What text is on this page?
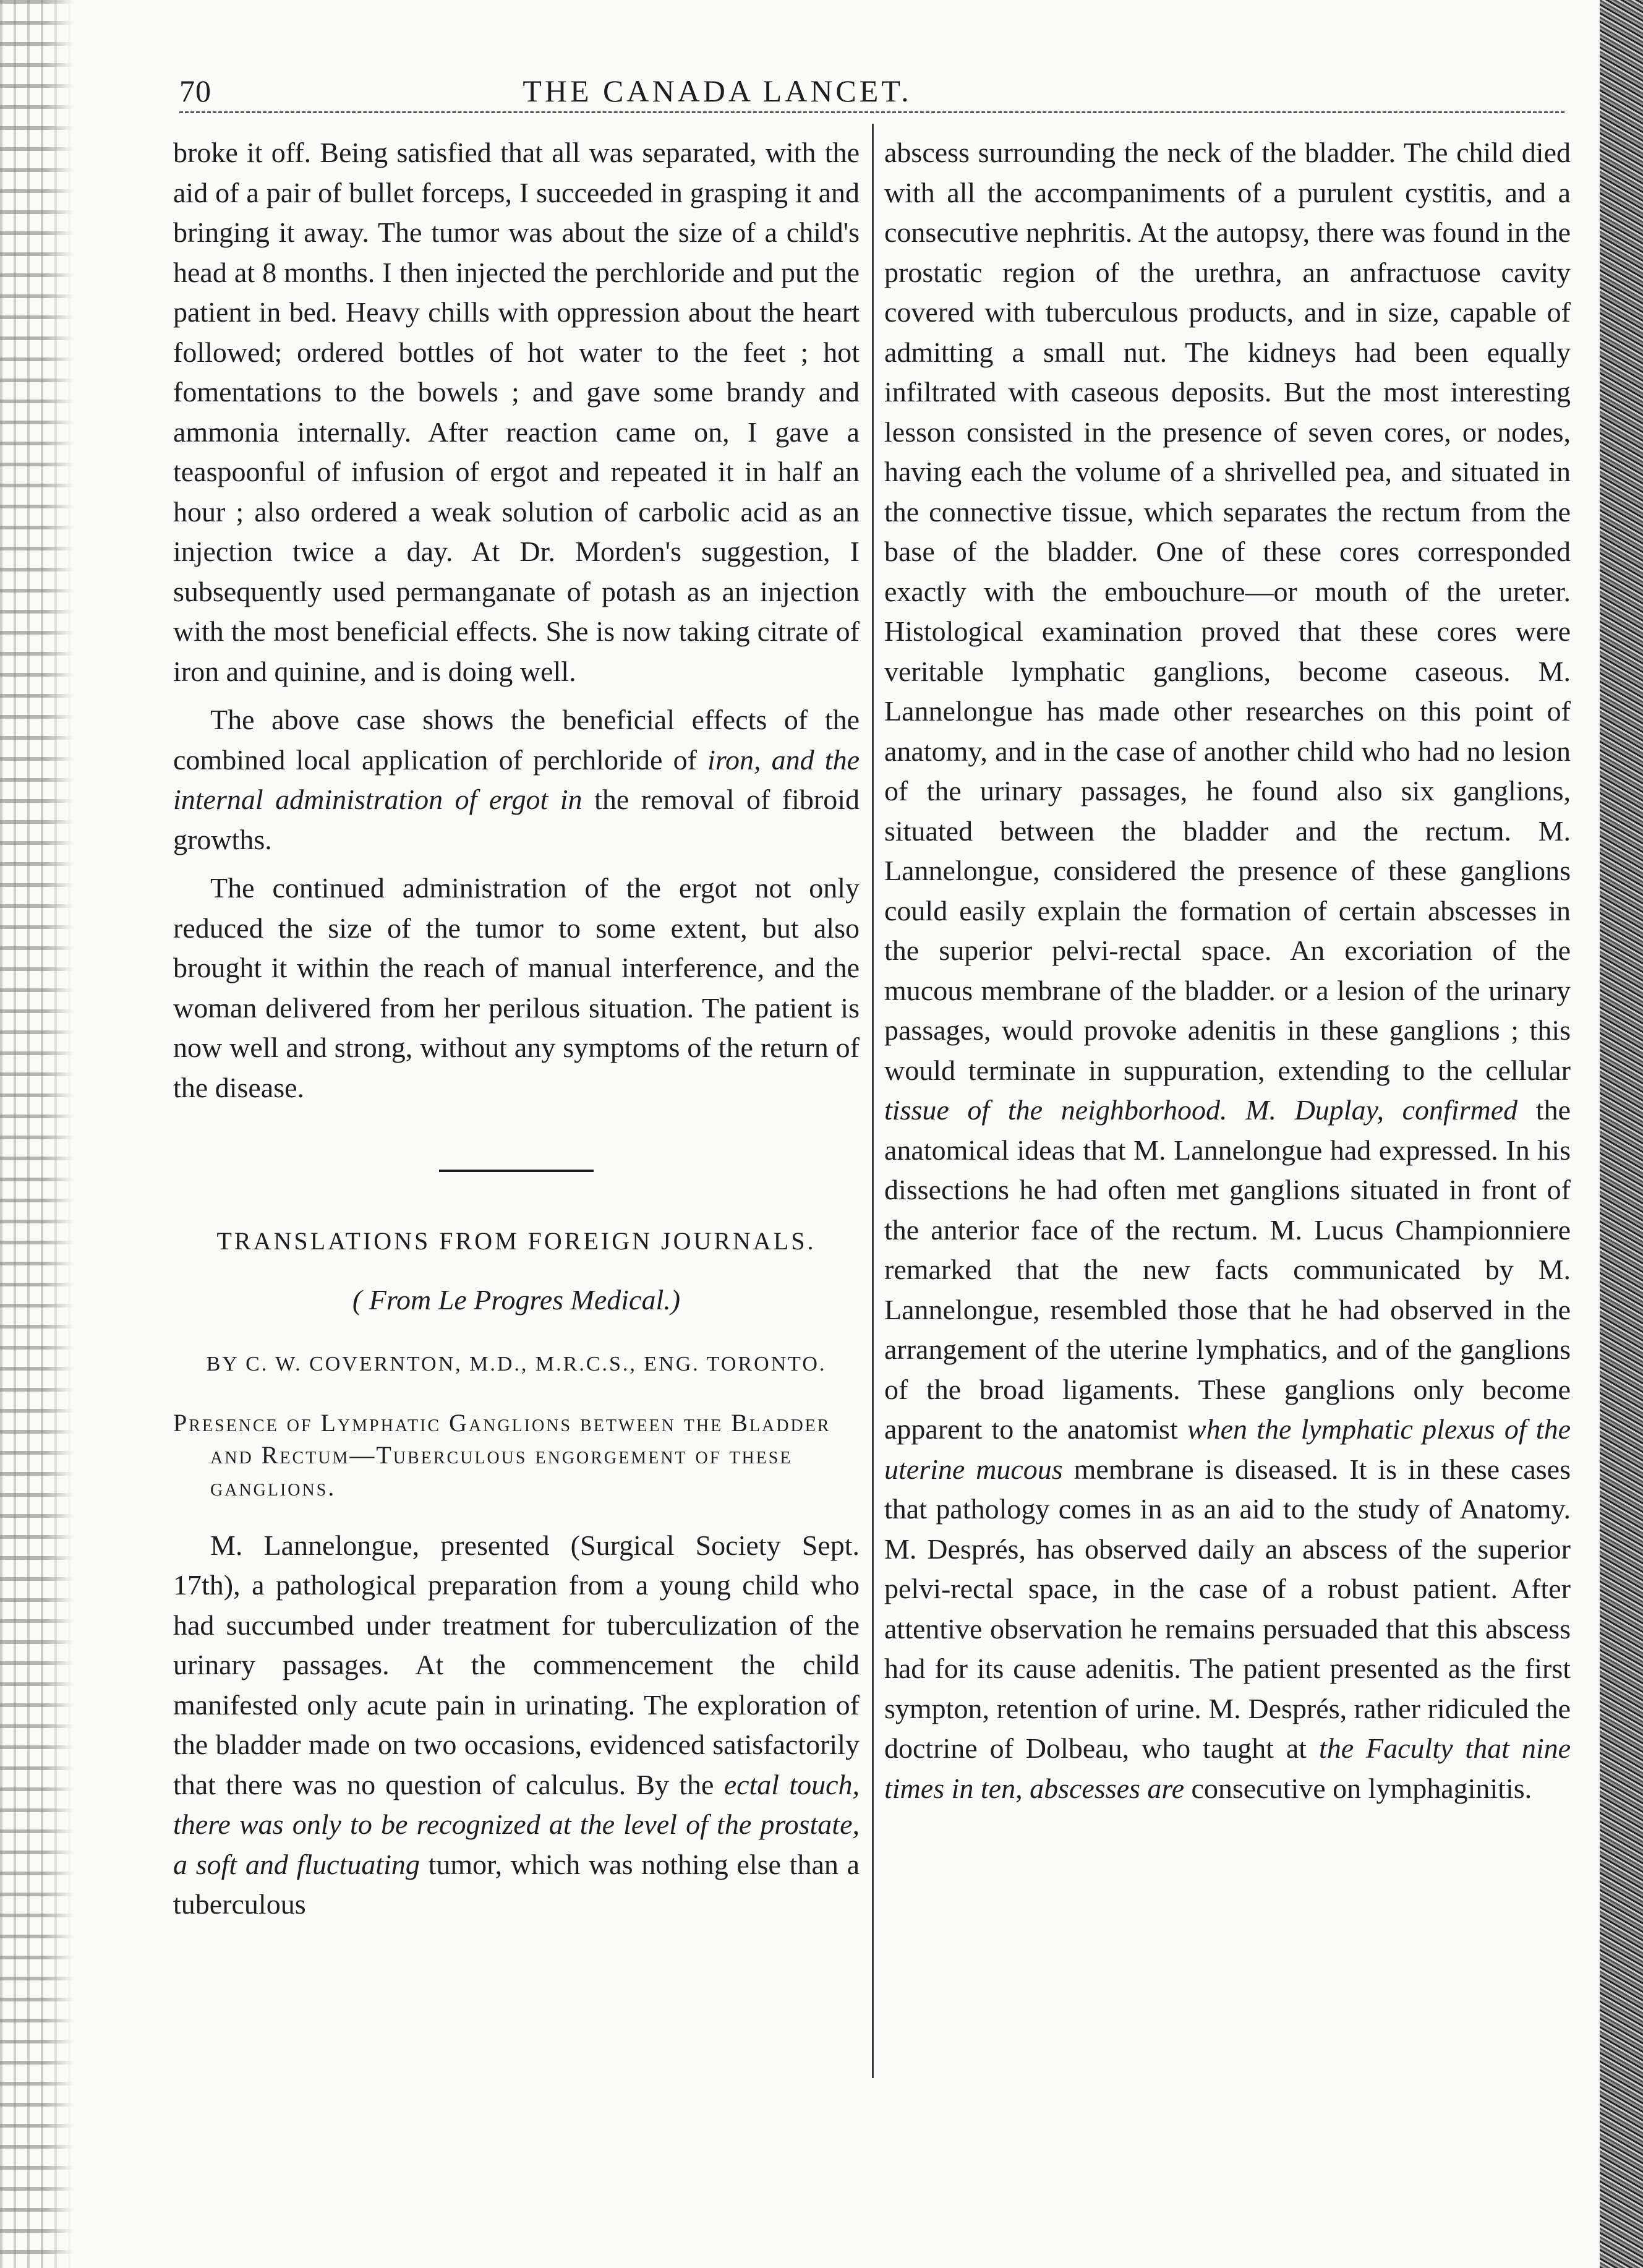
70	THE CANADA LANCET.

broke it off. Being satisfied that all was separated, with the aid of a pair of bullet forceps, I succeeded in grasping it and bringing it away. The tumor was about the size of a child's head at 8 months. I then injected the perchloride and put the patient in bed. Heavy chills with oppression about the heart followed; ordered bottles of hot water to the feet ; hot fomentations to the bowels ; and gave some brandy and ammonia internally. After reaction came on, I gave a teaspoonful of infusion of ergot and repeated it in half an hour ; also ordered a weak solution of carbolic acid as an injection twice a day. At Dr. Morden's suggestion, I subsequently used permanganate of potash as an injection with the most beneficial effects. She is now taking citrate of iron and quinine, and is doing well.

The above case shows the beneficial effects of the combined local application of perchloride of iron, and the internal administration of ergot in the removal of fibroid growths.

The continued administration of the ergot not only reduced the size of the tumor to some extent, but also brought it within the reach of manual interference, and the woman delivered from her perilous situation. The patient is now well and strong, without any symptoms of the return of the disease.

TRANSLATIONS FROM FOREIGN JOURNALS.
( From Le Progres Medical.)
BY C. W. COVERNTON, M.D., M.R.C.S., ENG. TORONTO.
Presence of Lymphatic Ganglions between the Bladder and Rectum—Tuberculous engorgement of these ganglions.

M. Lannelongue, presented (Surgical Society Sept. 17th), a pathological preparation from a young child who had succumbed under treatment for tuberculization of the urinary passages. At the commencement the child manifested only acute pain in urinating. The exploration of the bladder made on two occasions, evidenced satisfactorily that there was no question of calculus. By the ectal touch, there was only to be recognized at the level of the prostate, a soft and fluctuating tumor, which was nothing else than a tuberculous

abscess surrounding the neck of the bladder. The child died with all the accompaniments of a purulent cystitis, and a consecutive nephritis. At the autopsy, there was found in the prostatic region of the urethra, an anfractuose cavity covered with tuberculous products, and in size, capable of admitting a small nut. The kidneys had been equally infiltrated with caseous deposits. But the most interesting lesson consisted in the presence of seven cores, or nodes, having each the volume of a shrivelled pea, and situated in the connective tissue, which separates the rectum from the base of the bladder. One of these cores corresponded exactly with the embouchure—or mouth of the ureter. Histological examination proved that these cores were veritable lymphatic ganglions, become caseous. M. Lannelongue has made other researches on this point of anatomy, and in the case of another child who had no lesion of the urinary passages, he found also six ganglions, situated between the bladder and the rectum. M. Lannelongue, considered the presence of these ganglions could easily explain the formation of certain abscesses in the superior pelvi-rectal space. An excoriation of the mucous membrane of the bladder. or a lesion of the urinary passages, would provoke adenitis in these ganglions ; this would terminate in suppuration, extending to the cellular tissue of the neighborhood. M. Duplay, confirmed the anatomical ideas that M. Lannelongue had expressed. In his dissections he had often met ganglions situated in front of the anterior face of the rectum. M. Lucus Championniere remarked that the new facts communicated by M. Lannelongue, resembled those that he had observed in the arrangement of the uterine lymphatics, and of the ganglions of the broad ligaments. These ganglions only become apparent to the anatomist when the lymphatic plexus of the uterine mucous membrane is diseased. It is in these cases that pathology comes in as an aid to the study of Anatomy. M. Després, has observed daily an abscess of the superior pelvi-rectal space, in the case of a robust patient. After attentive observation he remains persuaded that this abscess had for its cause adenitis. The patient presented as the first sympton, retention of urine. M. Després, rather ridiculed the doctrine of Dolbeau, who taught at the Faculty that nine times in ten, abscesses are consecutive on lymphaginitis.
